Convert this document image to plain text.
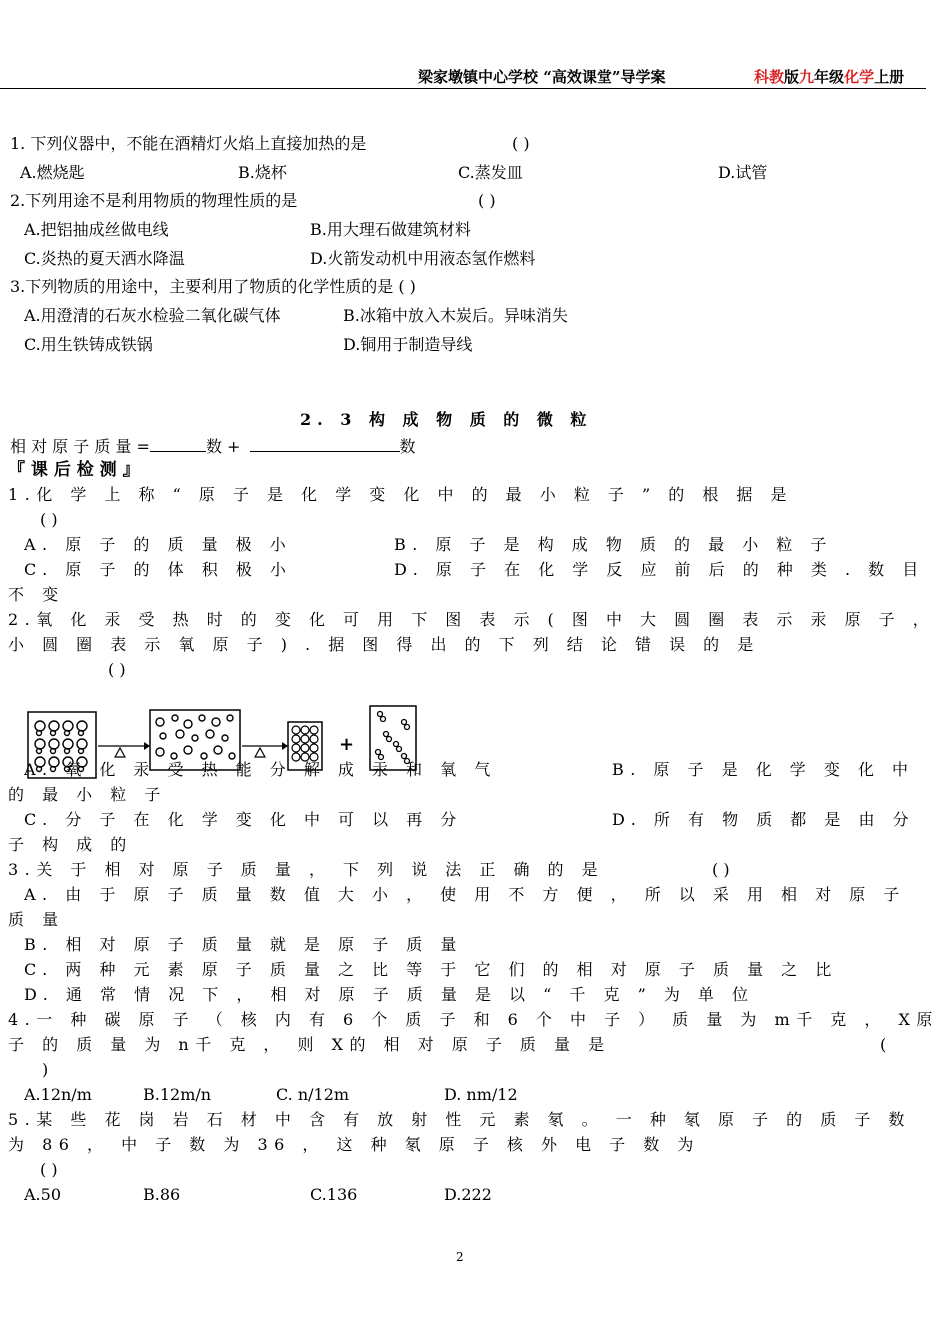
梁家墩镇中心学校 “高效课堂”导学案	科教版九年级化学上册
1. 下列仪器中，不能在酒精灯火焰上直接加热的是	( )
A.燃烧匙	B.烧杯	C.蒸发皿	D.试管
2.下列用途不是利用物质的物理性质的是	( )
A.把铝抽成丝做电线	B.用大理石做建筑材料
C.炎热的夏天洒水降温	D.火箭发动机中用液态氢作燃料
3.下列物质的用途中，主要利用了物质的化学性质的是 ( )
A.用澄清的石灰水检验二氧化碳气体	B.冰箱中放入木炭后。异味消失
C.用生铁铸成铁锅	D.铜用于制造导线
2. 3 构 成 物 质 的 微 粒
相 对 原 子 质 量 =	数 +	数
『 课 后 检 测 』
1.化 学 上 称 “ 原 子 是 化 学 变 化 中 的 最 小 粒 子 ” 的 根 据 是
( )
A. 原 子 的 质 量 极 小	B. 原 子 是 构 成 物 质 的 最 小 粒 子
C. 原 子 的 体 积 极 小	D. 原 子 在 化 学 反 应 前 后 的 种 类 . 数 目
不 变
2.氧 化 汞 受 热 时 的 变 化 可 用 下 图 表 示 ( 图 中 大 圆 圈 表 示 汞 原 子 ，
小 圆 圈 表 示 氧 原 子 ) . 据 图 得 出 的 下 列 结 论 错 误 的 是
( )
+
A. 氧 化 汞 受 热 能 分 解 成 汞 和 氧 气	B. 原 子 是 化 学 变 化 中
的 最 小 粒 子
C. 分 子 在 化 学 变 化 中 可 以 再 分	D. 所 有 物 质 都 是 由 分
子 构 成 的
3.关 于 相 对 原 子 质 量 ， 下 列 说 法 正 确 的 是	( )
A. 由 于 原 子 质 量 数 值 大 小 ， 使 用 不 方 便 ， 所 以 采 用 相 对 原 子
质 量
B. 相 对 原 子 质 量 就 是 原 子 质 量
C. 两 种 元 素 原 子 质 量 之 比 等 于 它 们 的 相 对 原 子 质 量 之 比
D. 通 常 情 况 下 ， 相 对 原 子 质 量 是 以 “ 千 克 ” 为 单 位
4.一 种 碳 原 子 （ 核 内 有 6 个 质 子 和 6 个 中 子 ） 质 量 为 m千 克 ， X原
子 的 质 量 为 n千 克 ， 则 X的 相 对 原 子 质 量 是	(
)
A.12n/m	B.12m/n	C. n/12m	D. nm/12
5.某 些 花 岗 岩 石 材 中 含 有 放 射 性 元 素 氡 。 一 种 氡 原 子 的 质 子 数
为 86 ， 中 子 数 为 36 ， 这 种 氡 原 子 核 外 电 子 数 为
( )
A.50	B.86	C.136	D.222
2
